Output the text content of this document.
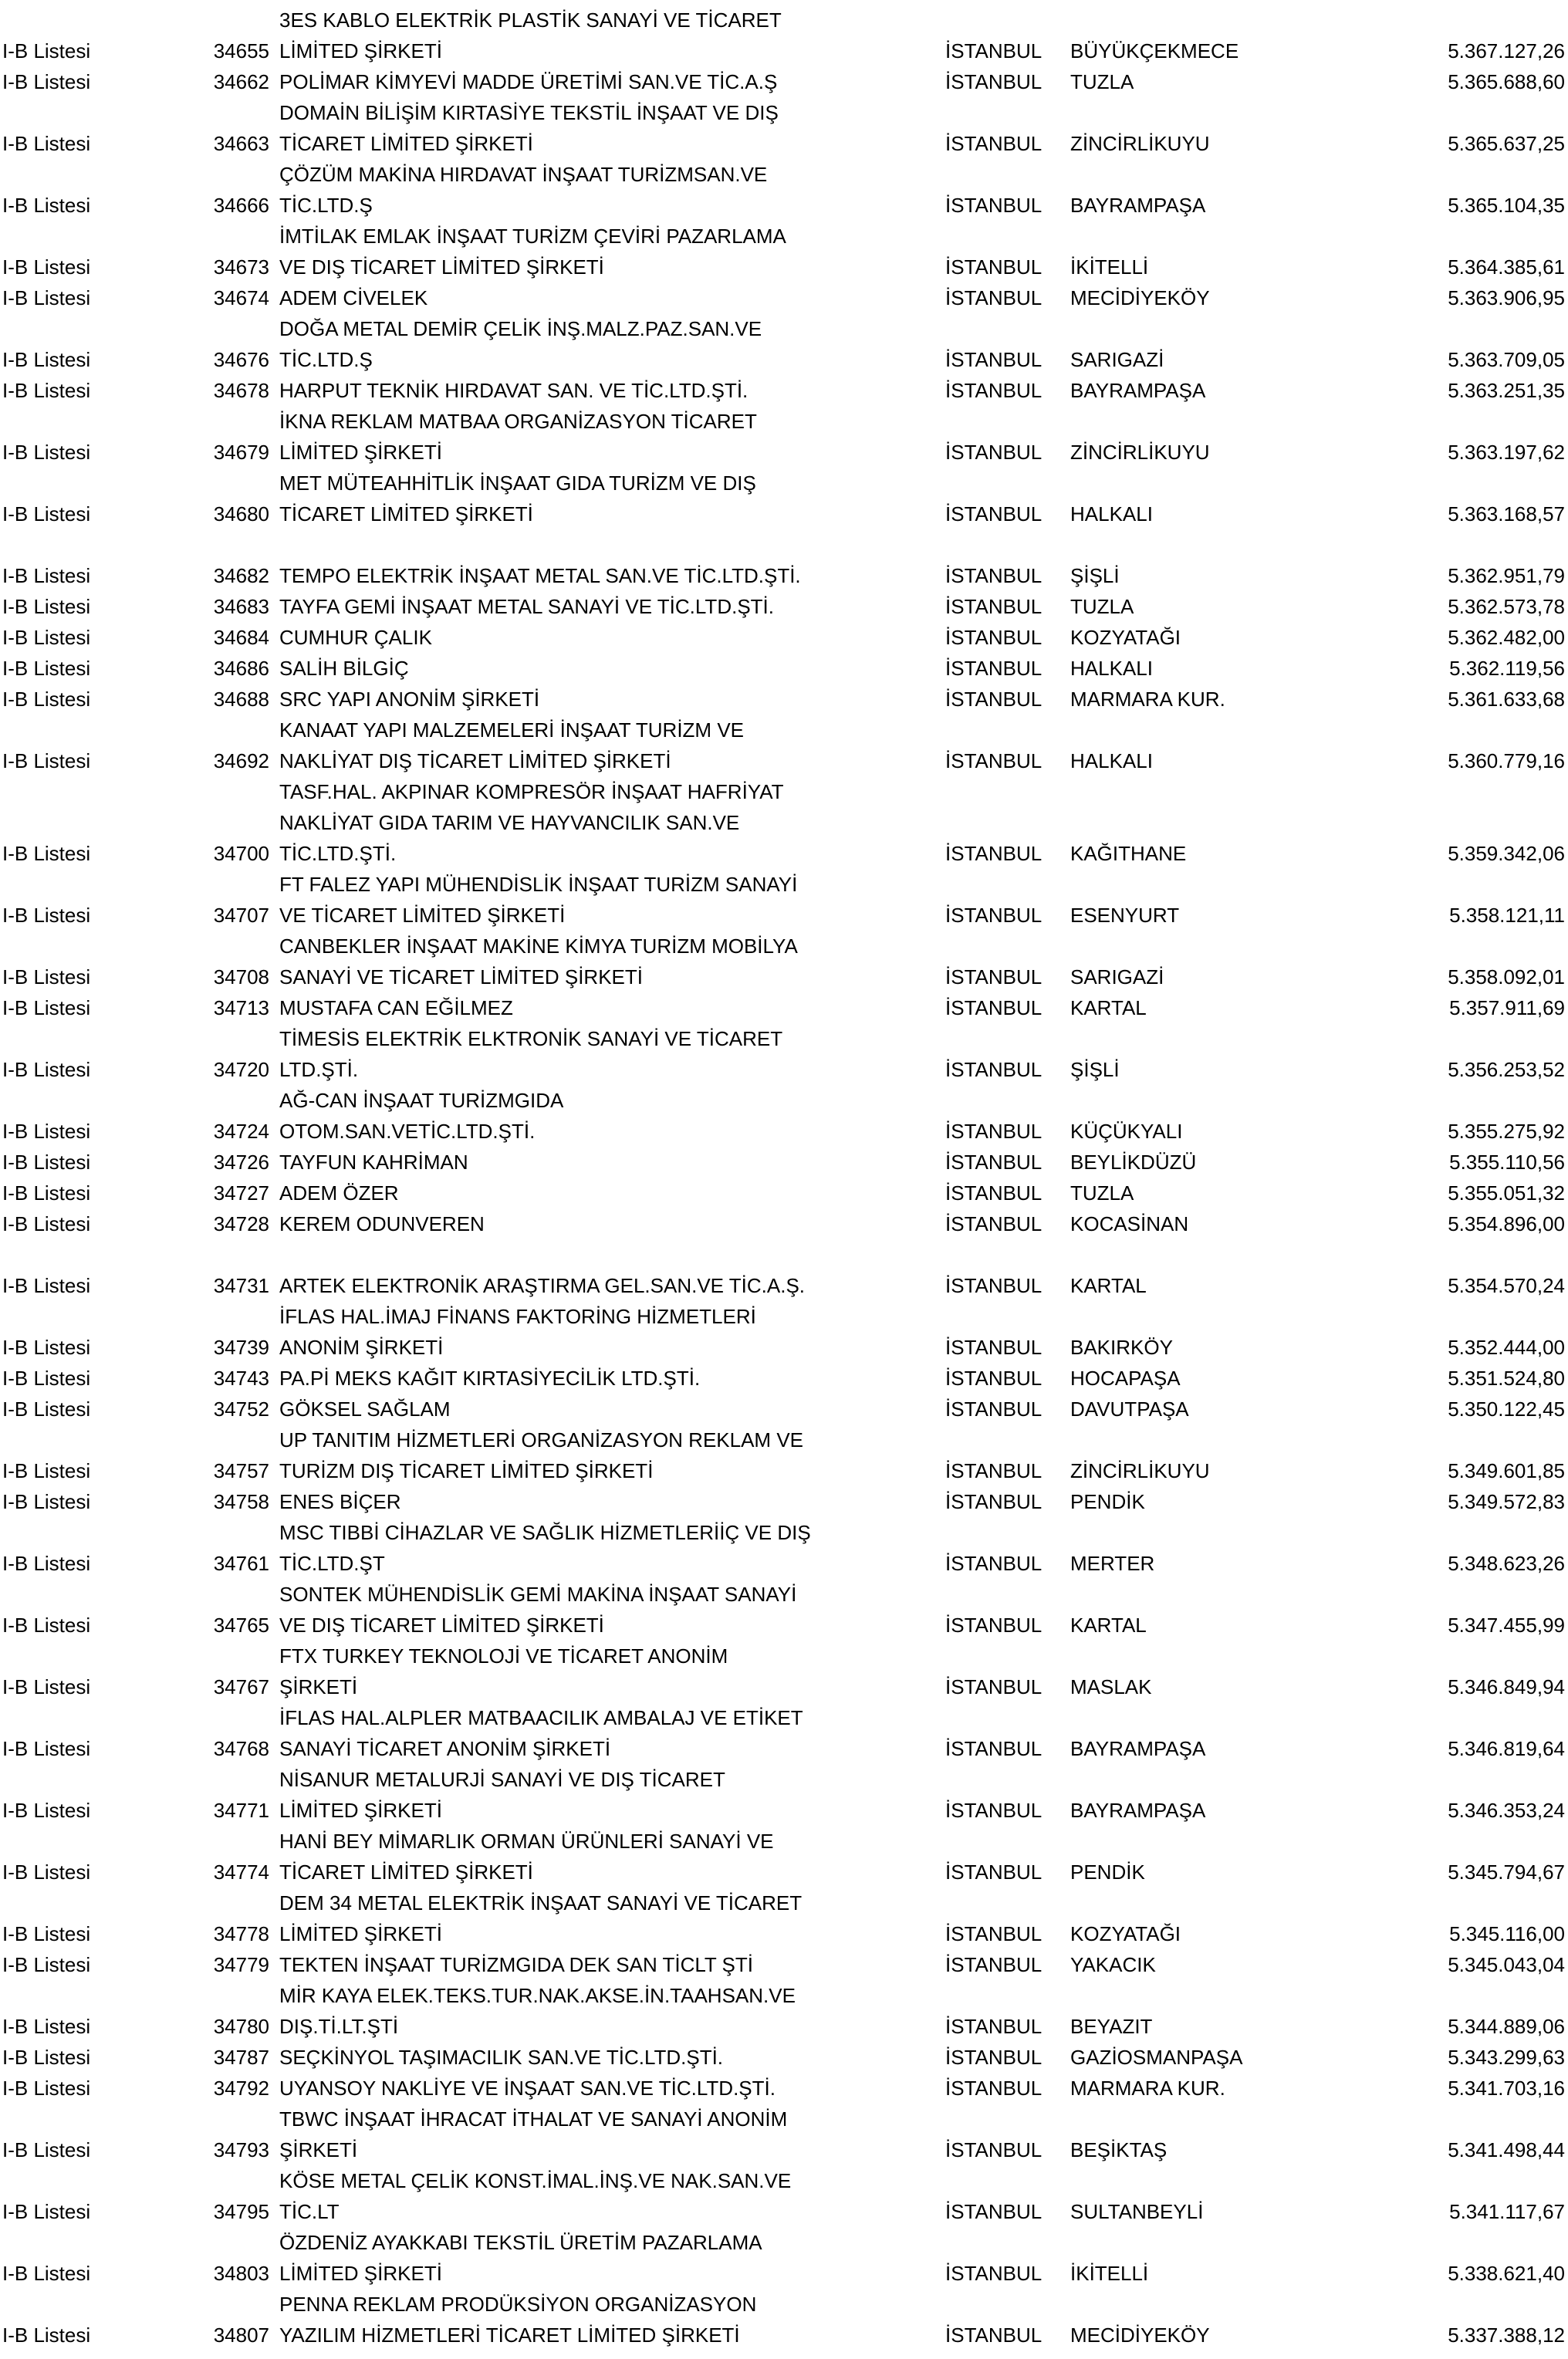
3ES KABLO ELEKTRİK PLASTİK SANAYİ VE TİCARET
I-B Listesi	34655 LİMİTED ŞİRKETİ	İSTANBUL	BÜYÜKÇEKMECE	5.367.127,26
I-B Listesi	34662 POLİMAR KİMYEVİ MADDE ÜRETİMİ SAN.VE TİC.A.Ş	İSTANBUL	TUZLA	5.365.688,60
DOMAİN BİLİŞİM KIRTASİYE TEKSTİL İNŞAAT VE DIŞ
I-B Listesi	34663 TİCARET LİMİTED ŞİRKETİ	İSTANBUL	ZİNCİRLİKUYU	5.365.637,25
ÇÖZÜM MAKİNA HIRDAVAT İNŞAAT TURİZMSAN.VE
I-B Listesi	34666 TİC.LTD.Ş	İSTANBUL	BAYRAMPAŞA	5.365.104,35
İMTİLAK EMLAK İNŞAAT TURİZM ÇEVİRİ PAZARLAMA
I-B Listesi	34673 VE DIŞ TİCARET LİMİTED ŞİRKETİ	İSTANBUL	İKİTELLİ	5.364.385,61
I-B Listesi	34674 ADEM CİVELEK	İSTANBUL	MECİDİYEKÖY	5.363.906,95
DOĞA METAL DEMİR ÇELİK İNŞ.MALZ.PAZ.SAN.VE
I-B Listesi	34676 TİC.LTD.Ş	İSTANBUL	SARIGAZİ	5.363.709,05
I-B Listesi	34678 HARPUT TEKNİK HIRDAVAT SAN. VE TİC.LTD.ŞTİ.	İSTANBUL	BAYRAMPAŞA	5.363.251,35
İKNA REKLAM MATBAA ORGANİZASYON TİCARET
I-B Listesi	34679 LİMİTED ŞİRKETİ	İSTANBUL	ZİNCİRLİKUYU	5.363.197,62
MET MÜTEAHHİTLİK İNŞAAT GIDA TURİZM VE DIŞ
I-B Listesi	34680 TİCARET LİMİTED ŞİRKETİ	İSTANBUL	HALKALI	5.363.168,57
I-B Listesi	34682 TEMPO ELEKTRİK İNŞAAT METAL SAN.VE TİC.LTD.ŞTİ.	İSTANBUL	ŞİŞLİ	5.362.951,79
I-B Listesi	34683 TAYFA GEMİ İNŞAAT METAL SANAYİ VE TİC.LTD.ŞTİ.	İSTANBUL	TUZLA	5.362.573,78
I-B Listesi	34684 CUMHUR ÇALIK	İSTANBUL	KOZYATAĞI	5.362.482,00
I-B Listesi	34686 SALİH BİLGİÇ	İSTANBUL	HALKALI	5.362.119,56
I-B Listesi	34688 SRC YAPI ANONİM ŞİRKETİ	İSTANBUL	MARMARA KUR.	5.361.633,68
KANAAT YAPI MALZEMELERİ İNŞAAT TURİZM VE
I-B Listesi	34692 NAKLİYAT DIŞ TİCARET LİMİTED ŞİRKETİ	İSTANBUL	HALKALI	5.360.779,16
TASF.HAL. AKPINAR KOMPRESÖR İNŞAAT HAFRİYAT
NAKLİYAT GIDA TARIM VE HAYVANCILIK SAN.VE
I-B Listesi	34700 TİC.LTD.ŞTİ.	İSTANBUL	KAĞITHANE	5.359.342,06
FT FALEZ YAPI MÜHENDİSLİK İNŞAAT TURİZM SANAYİ
I-B Listesi	34707 VE TİCARET LİMİTED ŞİRKETİ	İSTANBUL	ESENYURT	5.358.121,11
CANBEKLER İNŞAAT MAKİNE KİMYA TURİZM MOBİLYA
I-B Listesi	34708 SANAYİ VE TİCARET LİMİTED ŞİRKETİ	İSTANBUL	SARIGAZİ	5.358.092,01
I-B Listesi	34713 MUSTAFA CAN EĞİLMEZ	İSTANBUL	KARTAL	5.357.911,69
TİMESİS ELEKTRİK ELKTRONİK SANAYİ VE TİCARET
I-B Listesi	34720 LTD.ŞTİ.	İSTANBUL	ŞİŞLİ	5.356.253,52
AĞ-CAN İNŞAAT TURİZMGIDA
I-B Listesi	34724 OTOM.SAN.VETİC.LTD.ŞTİ.	İSTANBUL	KÜÇÜKYALI	5.355.275,92
I-B Listesi	34726 TAYFUN KAHRİMAN	İSTANBUL	BEYLİKDÜZÜ	5.355.110,56
I-B Listesi	34727 ADEM ÖZER	İSTANBUL	TUZLA	5.355.051,32
I-B Listesi	34728 KEREM ODUNVEREN	İSTANBUL	KOCASİNAN	5.354.896,00
I-B Listesi	34731 ARTEK ELEKTRONİK ARAŞTIRMA GEL.SAN.VE TİC.A.Ş.	İSTANBUL	KARTAL	5.354.570,24
İFLAS HAL.İMAJ FİNANS FAKTORİNG HİZMETLERİ
I-B Listesi	34739 ANONİM ŞİRKETİ	İSTANBUL	BAKIRKÖY	5.352.444,00
I-B Listesi	34743 PA.Pİ MEKS KAĞIT KIRTASİYECİLİK LTD.ŞTİ.	İSTANBUL	HOCAPAŞA	5.351.524,80
I-B Listesi	34752 GÖKSEL SAĞLAM	İSTANBUL	DAVUTPAŞA	5.350.122,45
UP TANITIM HİZMETLERİ ORGANİZASYON REKLAM VE
I-B Listesi	34757 TURİZM DIŞ TİCARET LİMİTED ŞİRKETİ	İSTANBUL	ZİNCİRLİKUYU	5.349.601,85
I-B Listesi	34758 ENES BİÇER	İSTANBUL	PENDİK	5.349.572,83
MSC TIBBİ CİHAZLAR VE SAĞLIK HİZMETLERİİÇ VE DIŞ
I-B Listesi	34761 TİC.LTD.ŞT	İSTANBUL	MERTER	5.348.623,26
SONTEK MÜHENDİSLİK GEMİ MAKİNA İNŞAAT SANAYİ
I-B Listesi	34765 VE DIŞ TİCARET LİMİTED ŞİRKETİ	İSTANBUL	KARTAL	5.347.455,99
FTX TURKEY TEKNOLOJİ VE TİCARET ANONİM
I-B Listesi	34767 ŞİRKETİ	İSTANBUL	MASLAK	5.346.849,94
İFLAS HAL.ALPLER MATBAACILIK AMBALAJ VE ETİKET
I-B Listesi	34768 SANAYİ TİCARET ANONİM ŞİRKETİ	İSTANBUL	BAYRAMPAŞA	5.346.819,64
NİSANUR METALURJİ SANAYİ VE DIŞ TİCARET
I-B Listesi	34771 LİMİTED ŞİRKETİ	İSTANBUL	BAYRAMPAŞA	5.346.353,24
HANİ BEY MİMARLIK ORMAN ÜRÜNLERİ SANAYİ VE
I-B Listesi	34774 TİCARET LİMİTED ŞİRKETİ	İSTANBUL	PENDİK	5.345.794,67
DEM 34 METAL ELEKTRİK İNŞAAT SANAYİ VE TİCARET
I-B Listesi	34778 LİMİTED ŞİRKETİ	İSTANBUL	KOZYATAĞI	5.345.116,00
I-B Listesi	34779 TEKTEN İNŞAAT TURİZMGIDA DEK SAN TİCLT ŞTİ	İSTANBUL	YAKACIK	5.345.043,04
MİR KAYA ELEK.TEKS.TUR.NAK.AKSE.İN.TAAHSAN.VE
I-B Listesi	34780 DIŞ.Tİ.LT.ŞTİ	İSTANBUL	BEYAZIT	5.344.889,06
I-B Listesi	34787 SEÇKİNYOL TAŞIMACILIK SAN.VE TİC.LTD.ŞTİ.	İSTANBUL	GAZİOSMANPAŞA	5.343.299,63
I-B Listesi	34792 UYANSOY NAKLİYE VE İNŞAAT SAN.VE TİC.LTD.ŞTİ.	İSTANBUL	MARMARA KUR.	5.341.703,16
TBWC İNŞAAT İHRACAT İTHALAT VE SANAYİ ANONİM
I-B Listesi	34793 ŞİRKETİ	İSTANBUL	BEŞİKTAŞ	5.341.498,44
KÖSE METAL ÇELİK KONST.İMAL.İNŞ.VE NAK.SAN.VE
I-B Listesi	34795 TİC.LT	İSTANBUL	SULTANBEYLİ	5.341.117,67
ÖZDENİZ AYAKKABI TEKSTİL ÜRETİM PAZARLAMA
I-B Listesi	34803 LİMİTED ŞİRKETİ	İSTANBUL	İKİTELLİ	5.338.621,40
PENNA REKLAM PRODÜKSİYON ORGANİZASYON
I-B Listesi	34807 YAZILIM HİZMETLERİ TİCARET LİMİTED ŞİRKETİ	İSTANBUL	MECİDİYEKÖY	5.337.388,12
